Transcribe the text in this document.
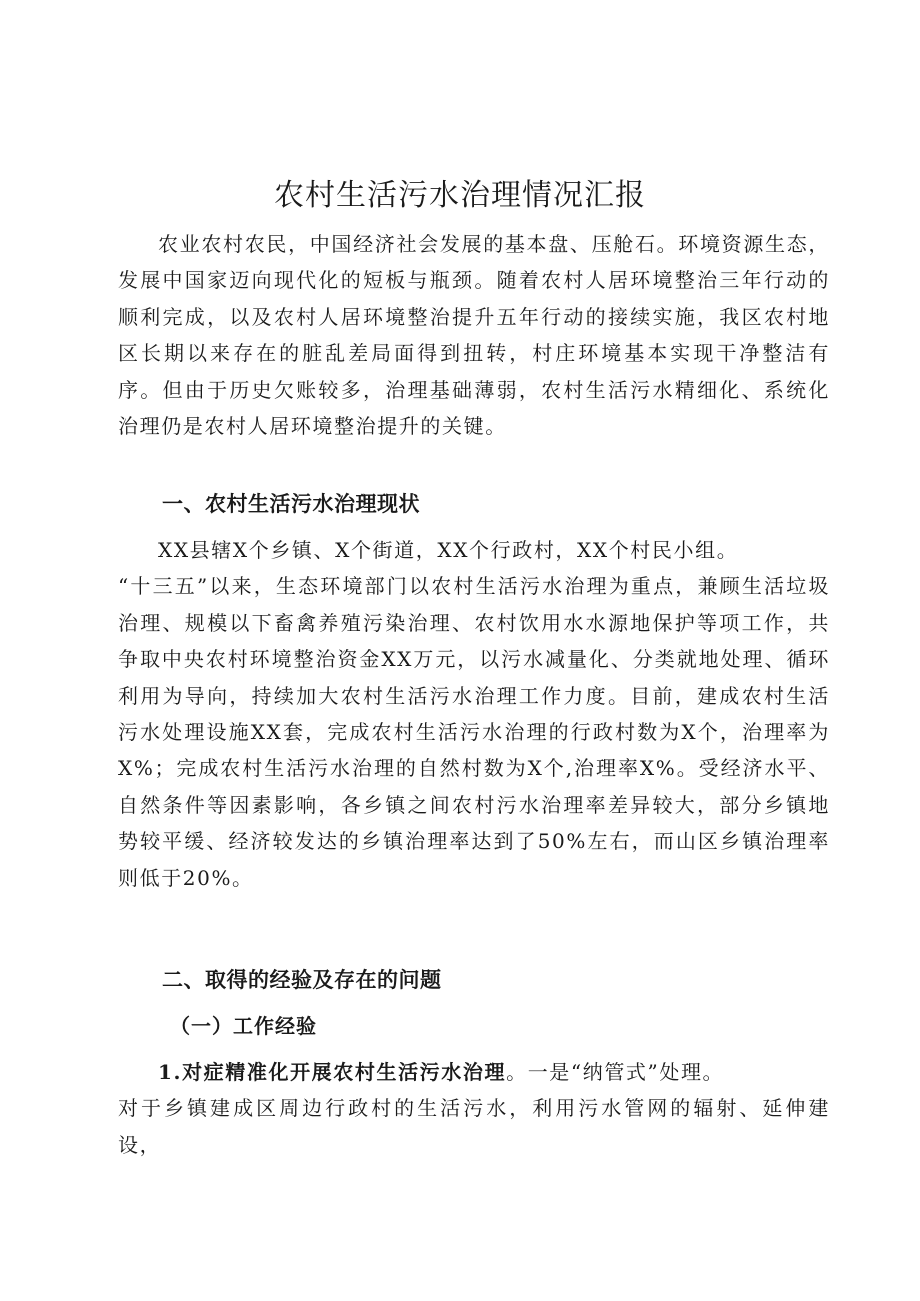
农村生活污水治理情况汇报
农业农村农民，中国经济社会发展的基本盘、压舱石。环境资源生态，发展中国家迈向现代化的短板与瓶颈。随着农村人居环境整治三年行动的顺利完成，以及农村人居环境整治提升五年行动的接续实施，我区农村地区长期以来存在的脏乱差局面得到扭转，村庄环境基本实现干净整洁有序。但由于历史欠账较多，治理基础薄弱，农村生活污水精细化、系统化治理仍是农村人居环境整治提升的关键。
一、农村生活污水治理现状
XX县辖X个乡镇、X个街道，XX个行政村，XX个村民小组。
“十三五”以来，生态环境部门以农村生活污水治理为重点，兼顾生活垃圾治理、规模以下畜禽养殖污染治理、农村饮用水水源地保护等项工作，共争取中央农村环境整治资金XX万元，以污水减量化、分类就地处理、循环利用为导向，持续加大农村生活污水治理工作力度。目前，建成农村生活污水处理设施XX套，完成农村生活污水治理的行政村数为X个，治理率为X%；完成农村生活污水治理的自然村数为X个,治理率X%。受经济水平、自然条件等因素影响，各乡镇之间农村污水治理率差异较大，部分乡镇地势较平缓、经济较发达的乡镇治理率达到了50%左右，而山区乡镇治理率则低于20%。
二、取得的经验及存在的问题
（一）工作经验
1.对症精准化开展农村生活污水治理。一是“纳管式”处理。
对于乡镇建成区周边行政村的生活污水，利用污水管网的辐射、延伸建设，
